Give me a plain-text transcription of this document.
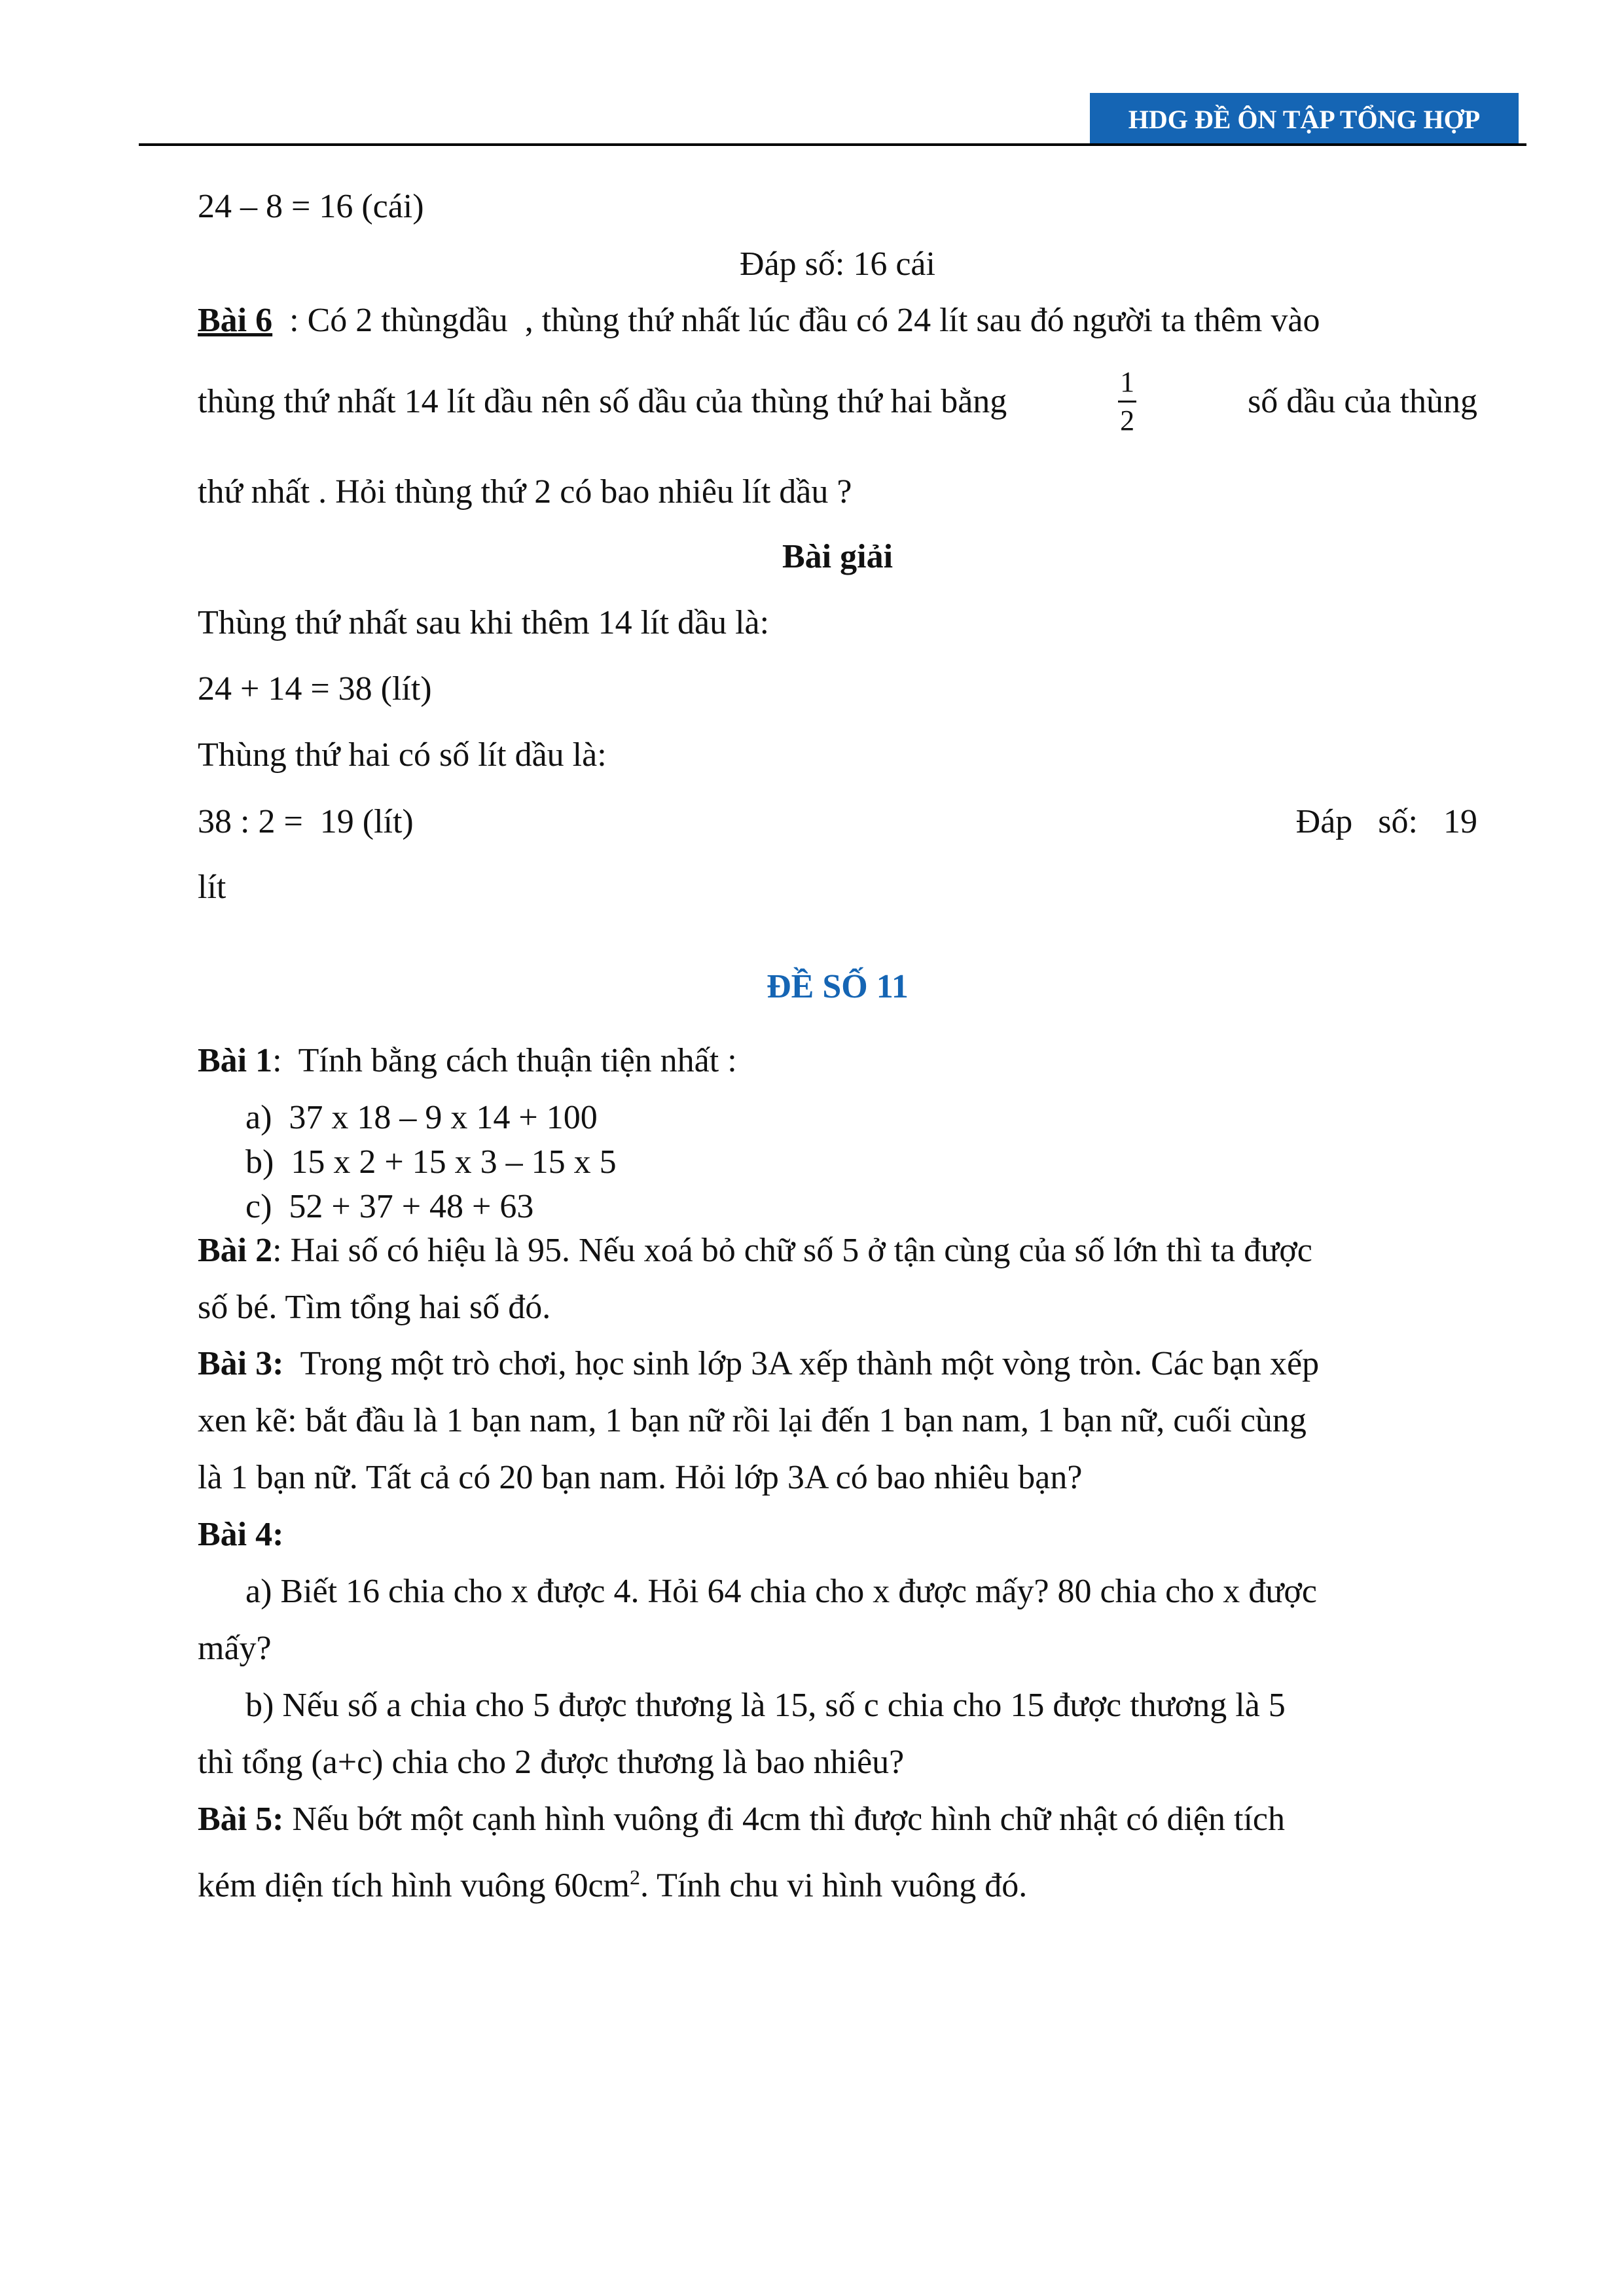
HDG ĐỀ ÔN TẬP TỔNG HỢP
24 – 8 = 16 (cái)
Đáp số: 16 cái
Bài 6  : Có 2 thùngdầu  , thùng thứ nhất lúc đầu có 24 lít sau đó người ta thêm vào
thùng thứ nhất 14 lít dầu nên số dầu của thùng thứ hai bằng	$\frac{1}{2}$	số dầu của thùng
thứ nhất . Hỏi thùng thứ 2 có bao nhiêu lít dầu ?
Bài giải
Thùng thứ nhất sau khi thêm 14 lít dầu là:
24 + 14 = 38 (lít)
Thùng thứ hai có số lít dầu là:
38 : 2 =  19 (lít)	Đáp   số:   19
lít
ĐỀ SỐ 11
Bài 1:  Tính bằng cách thuận tiện nhất :
a)  37 x 18 – 9 x 14 + 100
b)  15 x 2 + 15 x 3 – 15 x 5
c)  52 + 37 + 48 + 63
Bài 2: Hai số có hiệu là 95. Nếu xoá bỏ chữ số 5 ở tận cùng của số lớn thì ta được
số bé. Tìm tổng hai số đó.
Bài 3:  Trong một trò chơi, học sinh lớp 3A xếp thành một vòng tròn. Các bạn xếp
xen kẽ: bắt đầu là 1 bạn nam, 1 bạn nữ rồi lại đến 1 bạn nam, 1 bạn nữ, cuối cùng
là 1 bạn nữ. Tất cả có 20 bạn nam. Hỏi lớp 3A có bao nhiêu bạn?
Bài 4:
a) Biết 16 chia cho x được 4. Hỏi 64 chia cho x được mấy? 80 chia cho x được
mấy?
b) Nếu số a chia cho 5 được thương là 15, số c chia cho 15 được thương là 5
thì tổng (a+c) chia cho 2 được thương là bao nhiêu?
Bài 5: Nếu bớt một cạnh hình vuông đi 4cm thì được hình chữ nhật có diện tích
kém diện tích hình vuông $60cm^2$. Tính chu vi hình vuông đó.
